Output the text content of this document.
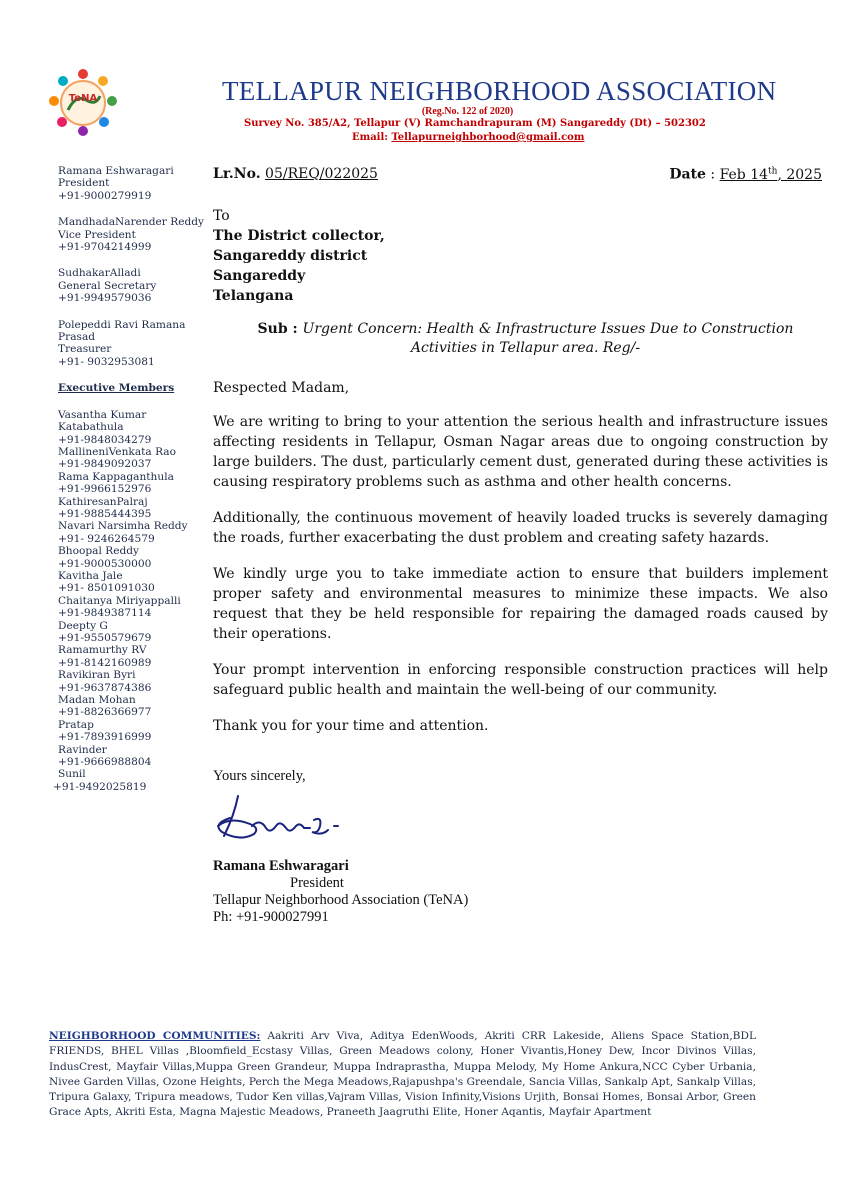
TeNA	TELLAPUR NEIGHBORHOOD ASSOCIATION
(Reg.No. 122 of 2020)
Survey No. 385/A2, Tellapur (V) Ramchandrapuram (M) Sangareddy (Dt) – 502302
Email: Tellapurneighborhood@gmail.com
Ramana Eshwaragari
President
+91-9000279919
MandhadaNarender Reddy
Vice President
+91-9704214999
SudhakarAlladi
General Secretary
+91-9949579036
Polepeddi Ravi Ramana
Prasad
Treasurer
+91- 9032953081
Executive Members
Vasantha Kumar
Katabathula
+91-9848034279
MallineniVenkata Rao
+91-9849092037
Rama Kappaganthula
+91-9966152976
KathiresanPalraj
+91-9885444395
Navari Narsimha Reddy
+91- 9246264579
Bhoopal Reddy
+91-9000530000
Kavitha Jale
+91- 8501091030
Chaitanya Miriyappalli
+91-9849387114
Deepty G
+91-9550579679
Ramamurthy RV
+91-8142160989
Ravikiran Byri
+91-9637874386
Madan Mohan
+91-8826366977
Pratap
+91-7893916999
Ravinder
+91-9666988804
Sunil
+91-9492025819
Lr.No. 05/REQ/022025	Date : Feb 14th, 2025
To
The District collector,
Sangareddy district
Sangareddy
Telangana
Sub : Urgent Concern: Health & Infrastructure Issues Due to Construction
Activities in Tellapur area. Reg/-
Respected Madam,
We are writing to bring to your attention the serious health and infrastructure issues affecting residents in Tellapur, Osman Nagar areas due to ongoing construction by large builders. The dust, particularly cement dust, generated during these activities is causing respiratory problems such as asthma and other health concerns.
Additionally, the continuous movement of heavily loaded trucks is severely damaging the roads, further exacerbating the dust problem and creating safety hazards.
We kindly urge you to take immediate action to ensure that builders implement proper safety and environmental measures to minimize these impacts. We also request that they be held responsible for repairing the damaged roads caused by their operations.
Your prompt intervention in enforcing responsible construction practices will help safeguard public health and maintain the well-being of our community.
Thank you for your time and attention.
Yours sincerely,
Ramana Eshwaragari
President
Tellapur Neighborhood Association (TeNA)
Ph: +91-900027991
NEIGHBORHOOD COMMUNITIES: Aakriti Arv Viva, Aditya EdenWoods, Akriti CRR Lakeside, Aliens Space Station,BDL FRIENDS, BHEL Villas ,Bloomfield_Ecstasy Villas, Green Meadows colony, Honer Vivantis,Honey Dew, Incor Divinos Villas, IndusCrest, Mayfair Villas,Muppa Green Grandeur, Muppa Indraprastha, Muppa Melody, My Home Ankura,NCC Cyber Urbania, Nivee Garden Villas, Ozone Heights, Perch the Mega Meadows,Rajapushpa's Greendale, Sancia Villas, Sankalp Apt, Sankalp Villas, Tripura Galaxy, Tripura meadows, Tudor Ken villas,Vajram Villas, Vision Infinity,Visions Urjith, Bonsai Homes, Bonsai Arbor, Green Grace Apts, Akriti Esta, Magna Majestic Meadows, Praneeth Jaagruthi Elite, Honer Aqantis, Mayfair Apartment
